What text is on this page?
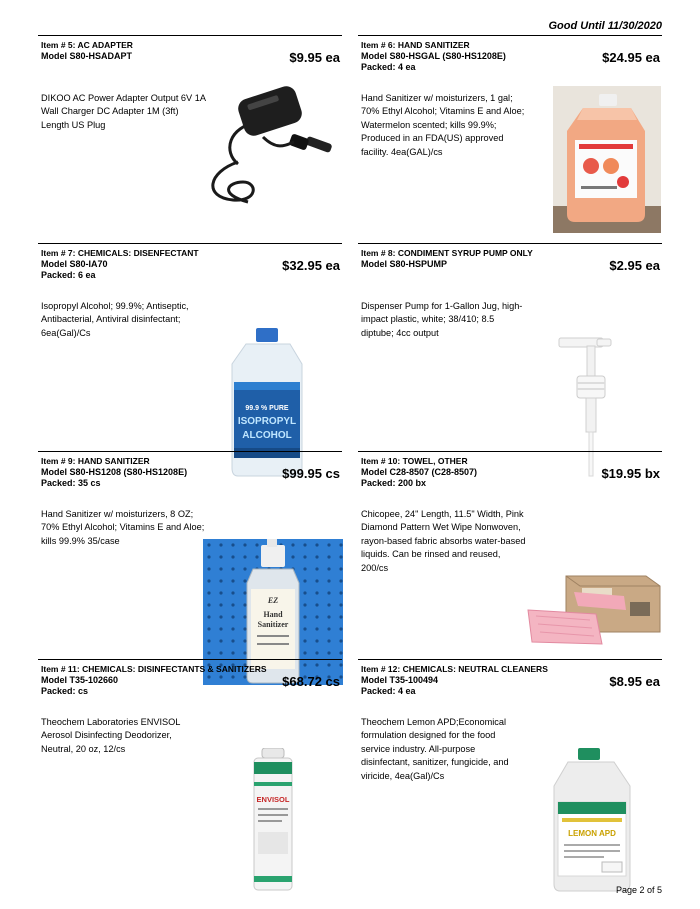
Good Until 11/30/2020
Item # 5: AC ADAPTER
Model S80-HSADAPT	$9.95 ea
DIKOO AC Power Adapter Output 6V 1A Wall Charger DC Adapter 1M (3ft) Length US Plug
Item # 6: HAND SANITIZER
Model S80-HSGAL (S80-HS1208E)
Packed: 4 ea
$24.95 ea
Hand Sanitizer w/ moisturizers, 1 gal; 70% Ethyl Alcohol; Vitamins E and Aloe; Watermelon scented; kills 99.9%; Produced in an FDA(US) approved facility. 4ea(GAL)/cs
Item # 7: CHEMICALS: DISENFECTANT
Model S80-IA70
Packed: 6 ea
$32.95 ea
Isopropyl Alcohol; 99.9%; Antiseptic, Antibacterial, Antiviral disinfectant; 6ea(Gal)/Cs
99.9 % PURE
ISOPROPYL
ALCOHOL
Item # 8: CONDIMENT SYRUP PUMP ONLY
Model S80-HSPUMP	$2.95 ea
Dispenser Pump for 1-Gallon Jug, high-impact plastic, white; 38/410; 8.5 diptube; 4cc output
Item # 9: HAND SANITIZER
Model S80-HS1208 (S80-HS1208E)
Packed: 35 cs
$99.95 cs
Hand Sanitizer w/ moisturizers, 8 OZ; 70% Ethyl Alcohol; Vitamins E and Aloe; kills 99.9% 35/case
EZ
Hand
Sanitizer
Item # 10: TOWEL, OTHER
Model C28-8507 (C28-8507)
Packed: 200 bx
$19.95 bx
Chicopee, 24" Length, 11.5" Width, Pink Diamond Pattern Wet Wipe Nonwoven, rayon-based fabric absorbs water-based liquids. Can be rinsed and reused, 200/cs
Item # 11: CHEMICALS: DISINFECTANTS & SANITIZERS
Model T35-102660
Packed: cs
$68.72 cs
Theochem Laboratories ENVISOL Aerosol Disinfecting Deodorizer, Neutral, 20 oz, 12/cs
ENVISOL
Item # 12: CHEMICALS: NEUTRAL CLEANERS
Model T35-100494
Packed: 4 ea
$8.95 ea
Theochem Lemon APD;Economical formulation designed for the food service industry. All-purpose disinfectant, sanitizer, fungicide, and viricide, 4ea(Gal)/Cs
LEMON APD
Page 2 of 5
